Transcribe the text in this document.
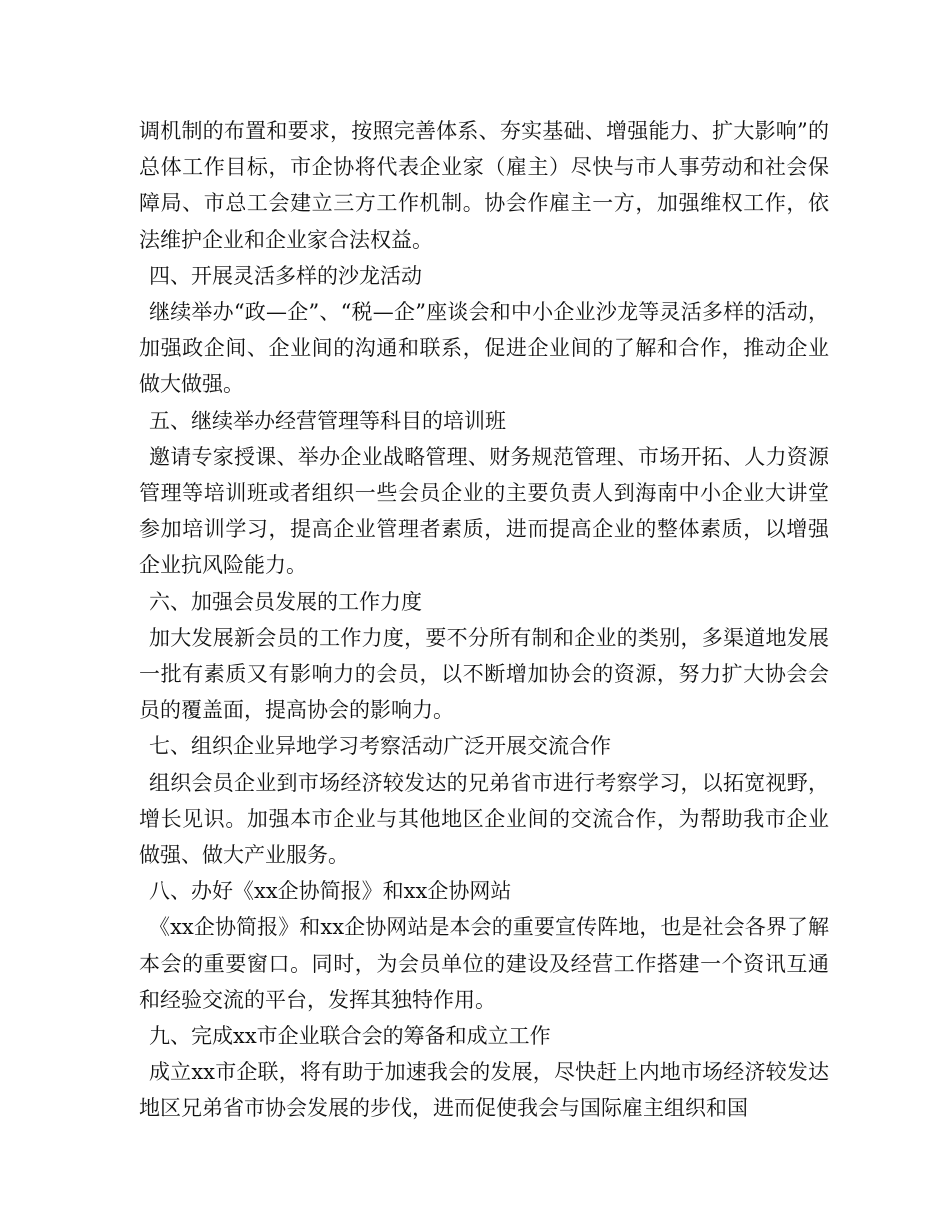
调机制的布置和要求，按照完善体系、夯实基础、增强能力、扩大影响”的总体工作目标，市企协将代表企业家（雇主）尽快与市人事劳动和社会保障局、市总工会建立三方工作机制。协会作雇主一方，加强维权工作，依法维护企业和企业家合法权益。

四、开展灵活多样的沙龙活动

继续举办“政—企”、“税—企”座谈会和中小企业沙龙等灵活多样的活动，加强政企间、企业间的沟通和联系，促进企业间的了解和合作，推动企业做大做强。

五、继续举办经营管理等科目的培训班

邀请专家授课、举办企业战略管理、财务规范管理、市场开拓、人力资源管理等培训班或者组织一些会员企业的主要负责人到海南中小企业大讲堂参加培训学习，提高企业管理者素质，进而提高企业的整体素质，以增强企业抗风险能力。

六、加强会员发展的工作力度

加大发展新会员的工作力度，要不分所有制和企业的类别，多渠道地发展一批有素质又有影响力的会员，以不断增加协会的资源，努力扩大协会会员的覆盖面，提高协会的影响力。

七、组织企业异地学习考察活动广泛开展交流合作

组织会员企业到市场经济较发达的兄弟省市进行考察学习，以拓宽视野，增长见识。加强本市企业与其他地区企业间的交流合作，为帮助我市企业做强、做大产业服务。

八、办好《xx企协简报》和xx企协网站

《xx企协简报》和xx企协网站是本会的重要宣传阵地，也是社会各界了解本会的重要窗口。同时，为会员单位的建设及经营工作搭建一个资讯互通和经验交流的平台，发挥其独特作用。

九、完成xx市企业联合会的筹备和成立工作

成立xx市企联，将有助于加速我会的发展，尽快赶上内地市场经济较发达地区兄弟省市协会发展的步伐，进而促使我会与国际雇主组织和国
